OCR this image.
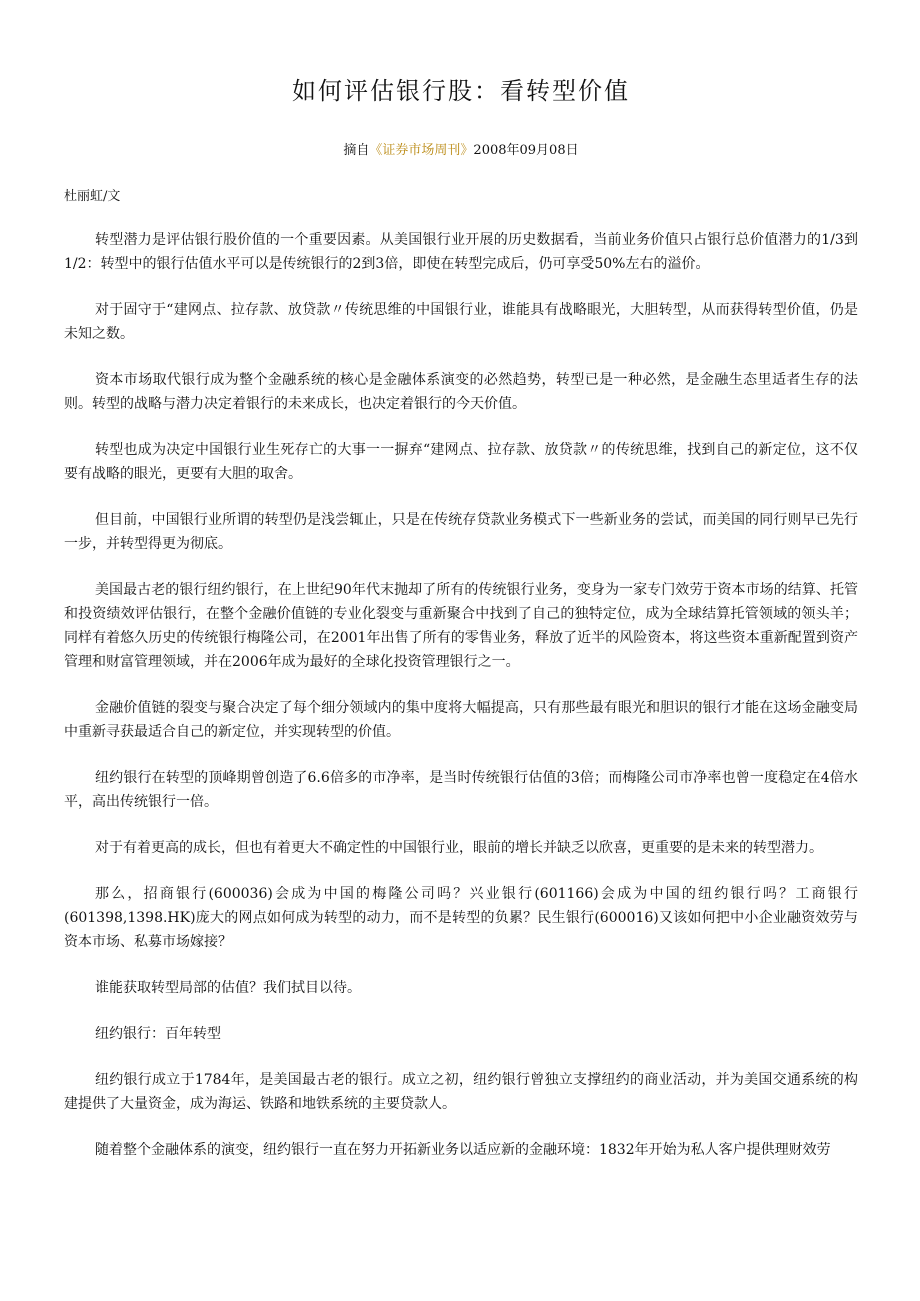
如何评估银行股：看转型价值

摘自《证券市场周刊》2008年09月08日

杜丽虹/文

转型潜力是评估银行股价值的一个重要因素。从美国银行业开展的历史数据看，当前业务价值只占银行总价值潜力的1/3到1/2：转型中的银行估值水平可以是传统银行的2到3倍，即使在转型完成后，仍可享受50%左右的溢价。

对于固守于“建网点、拉存款、放贷款〃传统思维的中国银行业，谁能具有战略眼光，大胆转型，从而获得转型价值，仍是未知之数。

资本市场取代银行成为整个金融系统的核心是金融体系演变的必然趋势，转型已是一种必然，是金融生态里适者生存的法则。转型的战略与潜力决定着银行的未来成长，也决定着银行的今天价值。

转型也成为决定中国银行业生死存亡的大事一一摒弃“建网点、拉存款、放贷款〃的传统思维，找到自己的新定位，这不仅要有战略的眼光，更要有大胆的取舍。

但目前，中国银行业所谓的转型仍是浅尝辄止，只是在传统存贷款业务模式下一些新业务的尝试，而美国的同行则早已先行一步，并转型得更为彻底。

美国最古老的银行纽约银行，在上世纪90年代末抛却了所有的传统银行业务，变身为一家专门效劳于资本市场的结算、托管和投资绩效评估银行，在整个金融价值链的专业化裂变与重新聚合中找到了自己的独特定位，成为全球结算托管领域的领头羊；同样有着悠久历史的传统银行梅隆公司，在2001年出售了所有的零售业务，释放了近半的风险资本，将这些资本重新配置到资产管理和财富管理领域，并在2006年成为最好的全球化投资管理银行之一。

金融价值链的裂变与聚合决定了每个细分领域内的集中度将大幅提高，只有那些最有眼光和胆识的银行才能在这场金融变局中重新寻获最适合自己的新定位，并实现转型的价值。

纽约银行在转型的顶峰期曾创造了6.6倍多的市净率，是当时传统银行估值的3倍；而梅隆公司市净率也曾一度稳定在4倍水平，高出传统银行一倍。

对于有着更高的成长，但也有着更大不确定性的中国银行业，眼前的增长并缺乏以欣喜，更重要的是未来的转型潜力。

那么，招商银行(600036)会成为中国的梅隆公司吗？兴业银行(601166)会成为中国的纽约银行吗？工商银行(601398,1398.HK)庞大的网点如何成为转型的动力，而不是转型的负累？民生银行(600016)又该如何把中小企业融资效劳与资本市场、私募市场嫁接？

谁能获取转型局部的估值？我们拭目以待。

纽约银行：百年转型

纽约银行成立于1784年，是美国最古老的银行。成立之初，纽约银行曾独立支撑纽约的商业活动，并为美国交通系统的构建提供了大量资金，成为海运、铁路和地铁系统的主要贷款人。

随着整个金融体系的演变，纽约银行一直在努力开拓新业务以适应新的金融环境：1832年开始为私人客户提供理财效劳
